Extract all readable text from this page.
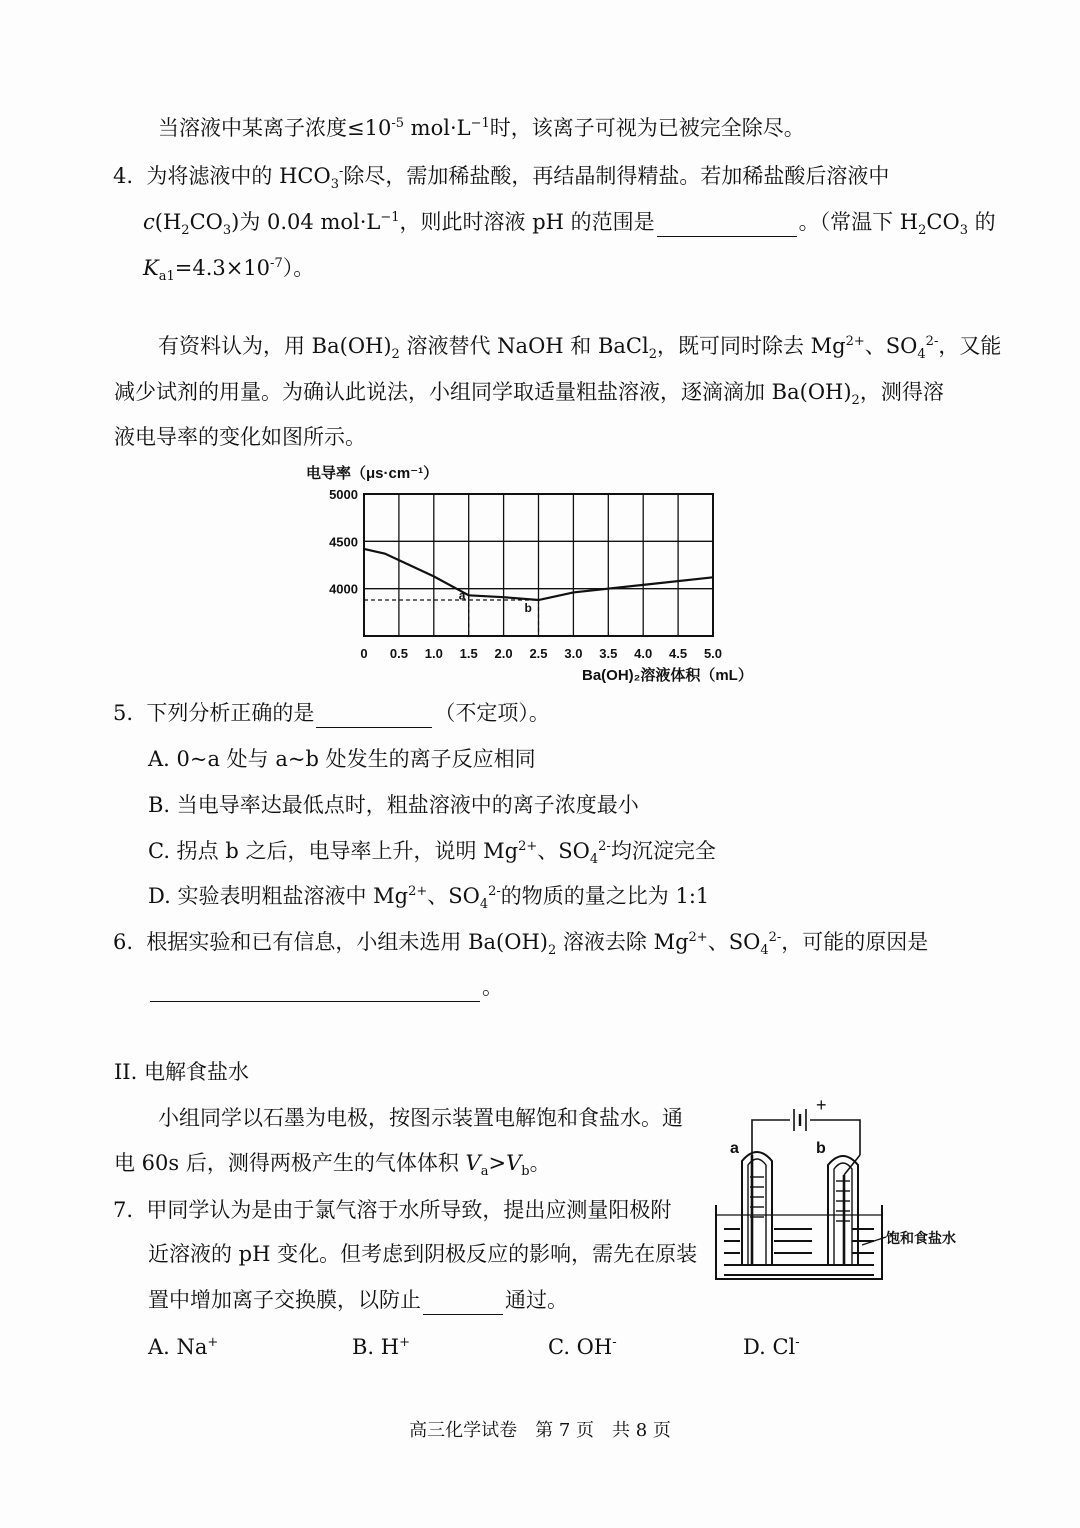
当溶液中某离子浓度$\le 10^{-5}$ $mol\cdot L^{-1}$时，该离子可视为已被完全除尽。
4. 为将滤液中的 $HCO_3^-$除尽，需加稀盐酸，再结晶制得精盐。若加稀盐酸后溶液中
$c(H_2CO_3)$为 0.04 $mol\cdot L^{-1}$，则此时溶液 pH 的范围是	。（常温下 $H_2CO_3$ 的
$K_{a1}=4.3\times 10^{-7}$）。
有资料认为，用 $Ba(OH)_2$ 溶液替代 NaOH 和 BaCl$_2$，既可同时除去 $Mg^{2+}$、$SO_4^{2-}$，又能
减少试剂的用量。为确认此说法，小组同学取适量粗盐溶液，逐滴滴加 $Ba(OH)_2$，测得溶
液电导率的变化如图所示。
0 0.5 1.0 1.5 2.0 2.5 3.0 3.5 4.0 4.5 5.0
5000
4500
4000	a
b
电导率（μs·cm⁻¹）
Ba(OH)₂溶液体积（mL）
5. 下列分析正确的是	（不定项）。
A. 0~a 处与 a~b 处发生的离子反应相同
B. 当电导率达最低点时，粗盐溶液中的离子浓度最小
C. 拐点 b 之后，电导率上升，说明 $Mg^{2+}$、$SO_4^{2-}$均沉淀完全
D. 实验表明粗盐溶液中 $Mg^{2+}$、$SO_4^{2-}$的物质的量之比为 1:1
6. 根据实验和已有信息，小组未选用 $Ba(OH)_2$ 溶液去除 $Mg^{2+}$、$SO_4^{2-}$，可能的原因是
。
II. 电解食盐水
小组同学以石墨为电极，按图示装置电解饱和食盐水。通
电 60s 后，测得两极产生的气体体积 $V_a>V_b$。
7. 甲同学认为是由于氯气溶于水所导致，提出应测量阳极附
近溶液的 pH 变化。但考虑到阴极反应的影响，需先在原装
置中增加离子交换膜，以防止	通过。
A. Na+	B. H+	C. OH-	D. Cl-
+
a	b
饱和食盐水
高三化学试卷　第 7 页　共 8 页
